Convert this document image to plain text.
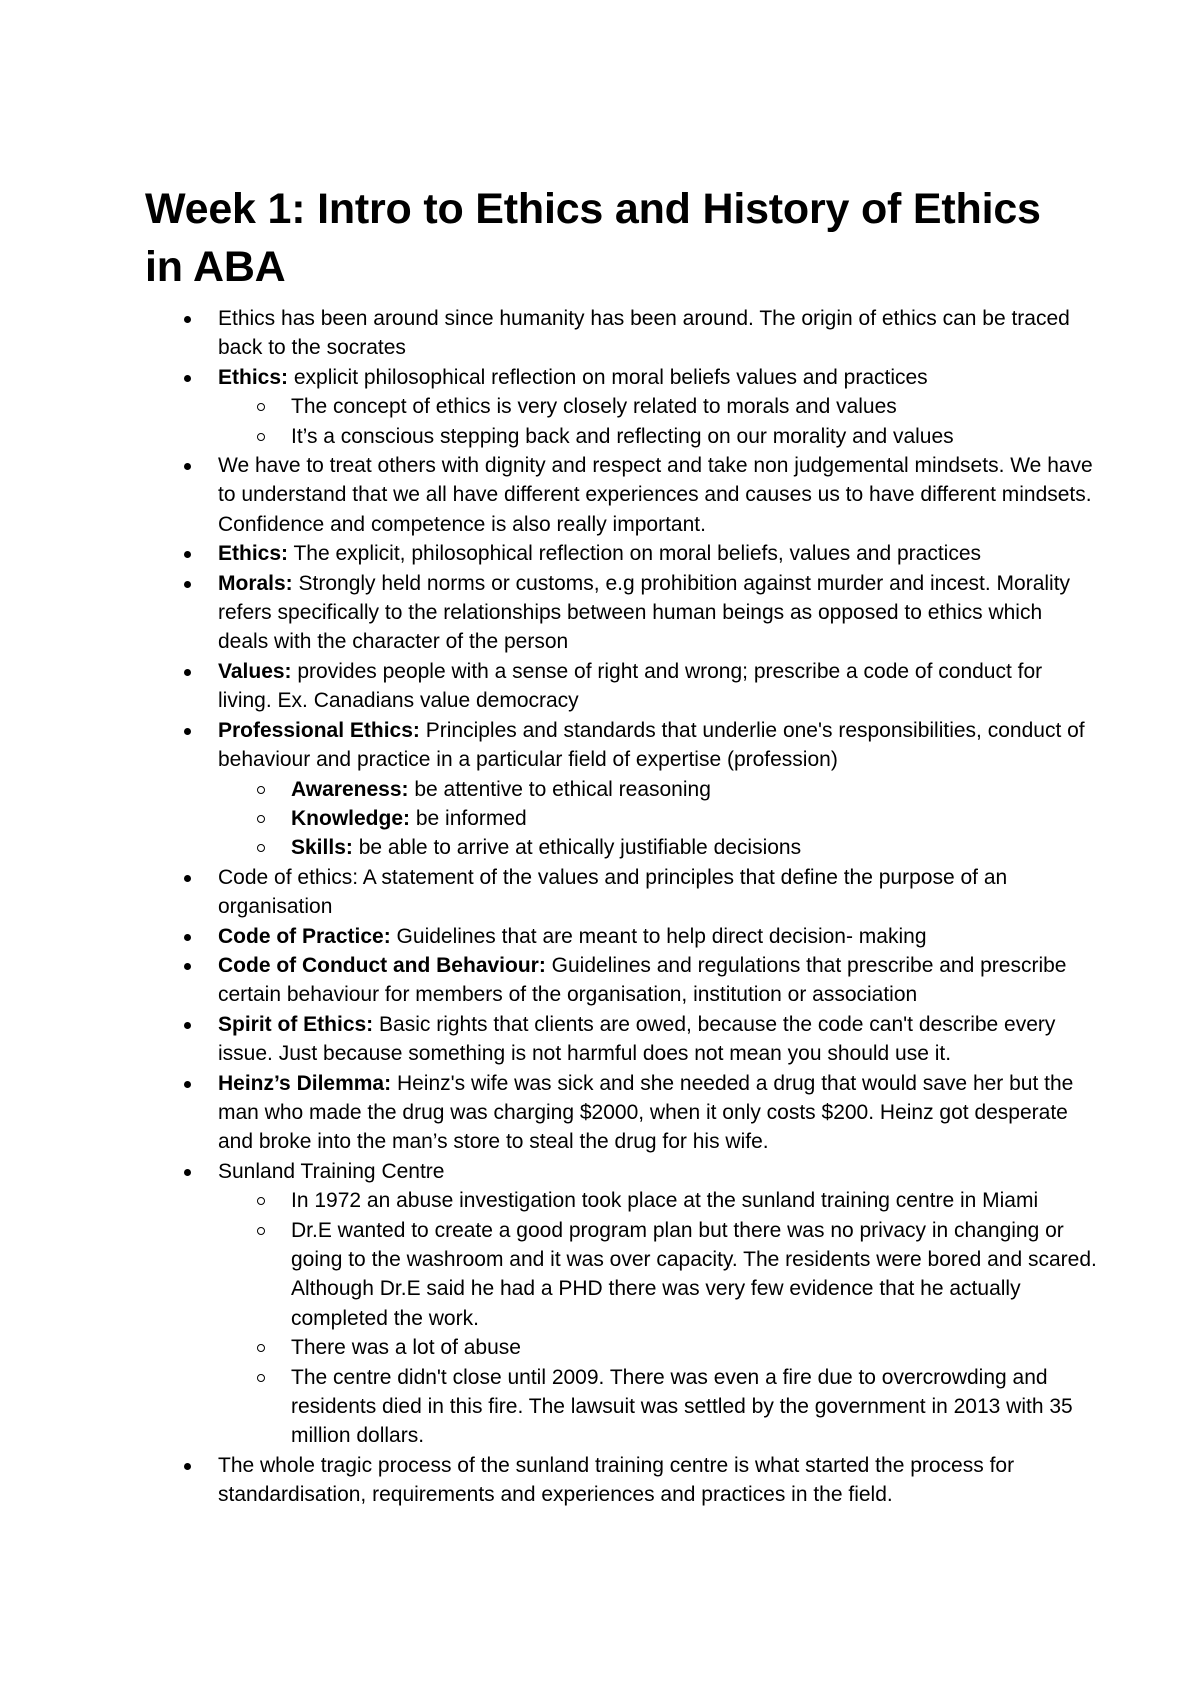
Week 1: Intro to Ethics and History of Ethics in ABA
Ethics has been around since humanity has been around. The origin of ethics can be traced back to the socrates
Ethics: explicit philosophical reflection on moral beliefs values and practices
The concept of ethics is very closely related to morals and values
It’s a conscious stepping back and reflecting on our morality and values
We have to treat others with dignity and respect and take non judgemental mindsets. We have to understand that we all have different experiences and causes us to have different mindsets. Confidence and competence is also really important.
Ethics: The explicit, philosophical reflection on moral beliefs, values and practices
Morals: Strongly held norms or customs, e.g prohibition against murder and incest. Morality refers specifically to the relationships between human beings as opposed to ethics which deals with the character of the person
Values: provides people with a sense of right and wrong; prescribe a code of conduct for living. Ex. Canadians value democracy
Professional Ethics: Principles and standards that underlie one's responsibilities, conduct of behaviour and practice in a particular field of expertise (profession)
Awareness: be attentive to ethical reasoning
Knowledge: be informed
Skills: be able to arrive at ethically justifiable decisions
Code of ethics: A statement of the values and principles that define the purpose of an organisation
Code of Practice: Guidelines that are meant to help direct decision- making
Code of Conduct and Behaviour: Guidelines and regulations that prescribe and prescribe certain behaviour for members of the organisation, institution or association
Spirit of Ethics: Basic rights that clients are owed, because the code can't describe every issue. Just because something is not harmful does not mean you should use it.
Heinz’s Dilemma: Heinz's wife was sick and she needed a drug that would save her but the man who made the drug was charging $2000, when it only costs $200. Heinz got desperate and broke into the man’s store to steal the drug for his wife.
Sunland Training Centre
In 1972 an abuse investigation took place at the sunland training centre in Miami
Dr.E wanted to create a good program plan but there was no privacy in changing or going to the washroom and it was over capacity. The residents were bored and scared. Although Dr.E said he had a PHD there was very few evidence that he actually completed the work.
There was a lot of abuse
The centre didn't close until 2009. There was even a fire due to overcrowding and residents died in this fire. The lawsuit was settled by the government in 2013 with 35 million dollars.
The whole tragic process of the sunland training centre is what started the process for standardisation, requirements and experiences and practices in the field.
